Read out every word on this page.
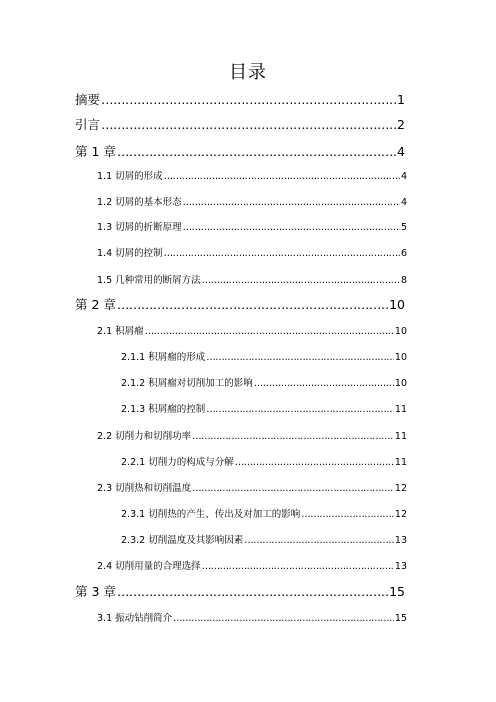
目录
摘要 …………………………………………………………………………………………………………………………………………………………………………	1
引言 …………………………………………………………………………………………………………………………………………………………………………	2
第 1 章 …………………………………………………………………………………………………………………………………………………………………………	4
1.1 切屑的形成 …………………………………………………………………………………………………………………………………………………………………………	4
1.2 切屑的基本形态 …………………………………………………………………………………………………………………………………………………………………………	4
1.3 切屑的折断原理 …………………………………………………………………………………………………………………………………………………………………………	5
1.4 切屑的控制 …………………………………………………………………………………………………………………………………………………………………………	6
1.5 几种常用的断屑方法 …………………………………………………………………………………………………………………………………………………………………………	8
第 2 章 …………………………………………………………………………………………………………………………………………………………………………	10
2.1 积屑瘤 …………………………………………………………………………………………………………………………………………………………………………	10
2.1.1 积屑瘤的形成 …………………………………………………………………………………………………………………………………………………………………………	10
2.1.2 积屑瘤对切削加工的影响 …………………………………………………………………………………………………………………………………………………………………………	10
2.1.3 积屑瘤的控制 …………………………………………………………………………………………………………………………………………………………………………	11
2.2 切削力和切削功率 …………………………………………………………………………………………………………………………………………………………………………	11
2.2.1 切削力的构成与分解 …………………………………………………………………………………………………………………………………………………………………………	11
2.3 切削热和切削温度 …………………………………………………………………………………………………………………………………………………………………………	12
2.3.1 切削热的产生、传出及对加工的影响 …………………………………………………………………………………………………………………………………………………………………………	12
2.3.2 切削温度及其影响因素 …………………………………………………………………………………………………………………………………………………………………………	13
2.4 切削用量的合理选择 …………………………………………………………………………………………………………………………………………………………………………	13
第 3 章 …………………………………………………………………………………………………………………………………………………………………………	15
3.1 振动钻削简介 …………………………………………………………………………………………………………………………………………………………………………	15
